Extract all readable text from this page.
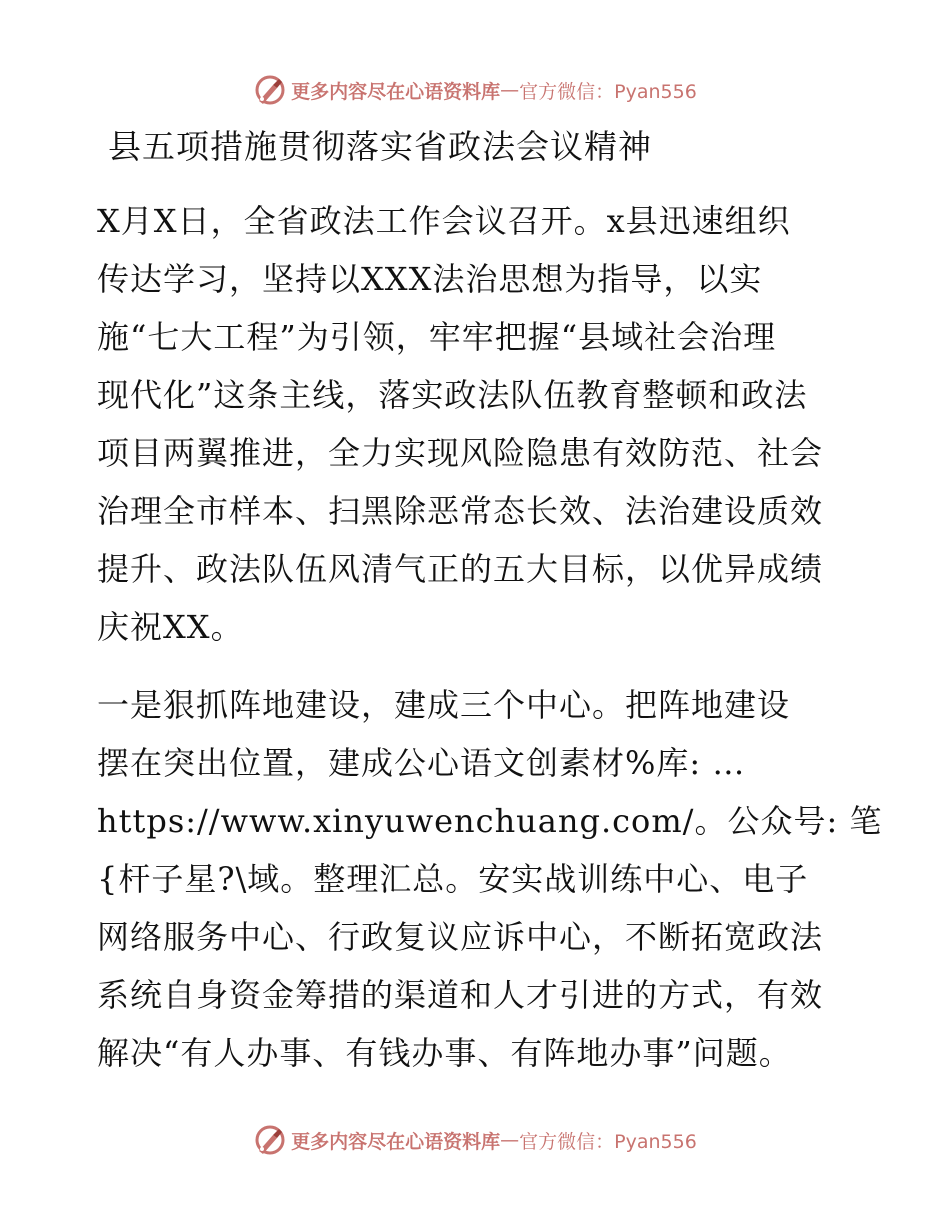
更多内容尽在心语资料库 — 官方微信：Pyan556
县五项措施贯彻落实省政法会议精神
X月X日，全省政法工作会议召开。x县迅速组织
传达学习，坚持以XXX法治思想为指导，以实
施“七大工程”为引领，牢牢把握“县域社会治理
现代化”这条主线，落实政法队伍教育整顿和政法
项目两翼推进，全力实现风险隐患有效防范、社会
治理全市样本、扫黑除恶常态长效、法治建设质效
提升、政法队伍风清气正的五大目标，以优异成绩
庆祝XX。
一是狠抓阵地建设，建成三个中心。把阵地建设
摆在突出位置，建成公心语文创素材%库: …
https://www.xinyuwenchuang.com/。公众号: 笔
{杆子星?\域。整理汇总。安实战训练中心、电子
网络服务中心、行政复议应诉中心，不断拓宽政法
系统自身资金筹措的渠道和人才引进的方式，有效
解决“有人办事、有钱办事、有阵地办事”问题。
更多内容尽在心语资料库 — 官方微信：Pyan556
